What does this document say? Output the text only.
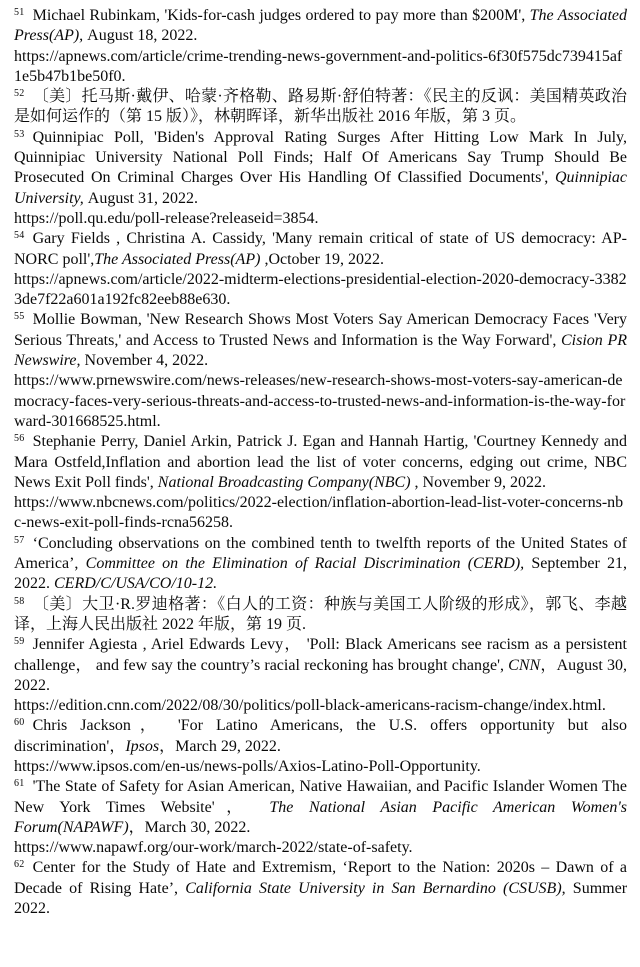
$^{51}$ Michael Rubinkam, 'Kids-for-cash judges ordered to pay more than $200M', The Associated Press(AP), August 18, 2022.
https://apnews.com/article/crime-trending-news-government-and-politics-6f30f575dc739415af1e5b47b1be50f0.

$^{52}$ 〔美〕托马斯·戴伊、哈蒙·齐格勒、路易斯·舒伯特著：《民主的反讽：美国精英政治是如何运作的（第 15 版）》，林朝晖译，新华出版社 2016 年版，第 3 页。

$^{53}$ Quinnipiac Poll, 'Biden's Approval Rating Surges After Hitting Low Mark In July, Quinnipiac University National Poll Finds; Half Of Americans Say Trump Should Be Prosecuted On Criminal Charges Over His Handling Of Classified Documents', Quinnipiac University, August 31, 2022.
https://poll.qu.edu/poll-release?releaseid=3854.

$^{54}$ Gary Fields , Christina A. Cassidy, 'Many remain critical of state of US democracy: AP-NORC poll',The Associated Press(AP) ,October 19, 2022.
https://apnews.com/article/2022-midterm-elections-presidential-election-2020-democracy-33823de7f22a601a192fc82eeb88e630.

$^{55}$ Mollie Bowman, 'New Research Shows Most Voters Say American Democracy Faces 'Very Serious Threats,' and Access to Trusted News and Information is the Way Forward', Cision PR Newswire, November 4, 2022.
https://www.prnewswire.com/news-releases/new-research-shows-most-voters-say-american-democracy-faces-very-serious-threats-and-access-to-trusted-news-and-information-is-the-way-forward-301668525.html.

$^{56}$ Stephanie Perry, Daniel Arkin, Patrick J. Egan and Hannah Hartig, 'Courtney Kennedy and Mara Ostfeld,Inflation and abortion lead the list of voter concerns, edging out crime, NBC News Exit Poll finds', National Broadcasting Company(NBC) , November 9, 2022.
https://www.nbcnews.com/politics/2022-election/inflation-abortion-lead-list-voter-concerns-nbc-news-exit-poll-finds-rcna56258.

$^{57}$ ‘Concluding observations on the combined tenth to twelfth reports of the United States of America’, Committee on the Elimination of Racial Discrimination (CERD), September 21, 2022. CERD/C/USA/CO/10-12.

$^{58}$ 〔美〕大卫·R.罗迪格著：《白人的工资：种族与美国工人阶级的形成》，郭飞、李越译，上海人民出版社 2022 年版，第 19 页.

$^{59}$ Jennifer Agiesta , Ariel Edwards Levy， 'Poll: Black Americans see racism as a persistent challenge， and few say the country’s racial reckoning has brought change', CNN，August 30, 2022.
https://edition.cnn.com/2022/08/30/politics/poll-black-americans-racism-change/index.html.

$^{60}$ Chris Jackson， 'For Latino Americans, the U.S. offers opportunity but also discrimination'，Ipsos，March 29, 2022.
https://www.ipsos.com/en-us/news-polls/Axios-Latino-Poll-Opportunity.

$^{61}$ 'The State of Safety for Asian American, Native Hawaiian, and Pacific Islander Women The New York Times Website'， The National Asian Pacific American Women's Forum(NAPAWF)，March 30, 2022.
https://www.napawf.org/our-work/march-2022/state-of-safety.

$^{62}$ Center for the Study of Hate and Extremism, ‘Report to the Nation: 2020s – Dawn of a Decade of Rising Hate’, California State University in San Bernardino (CSUSB), Summer 2022.
